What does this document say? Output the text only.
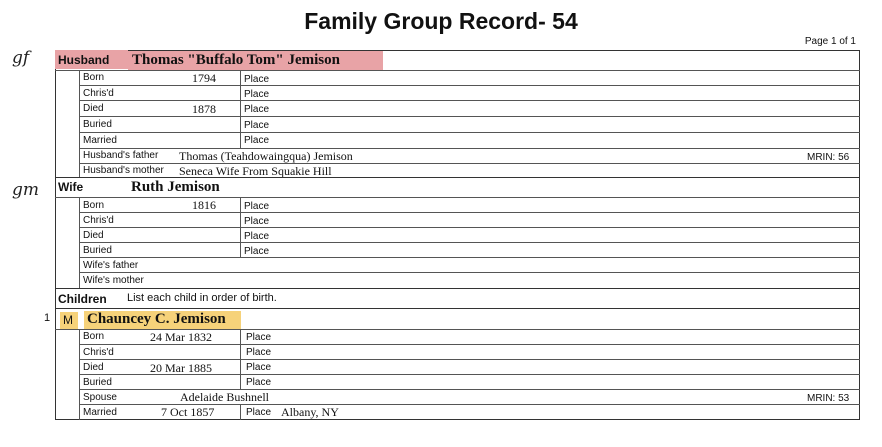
Family Group Record- 54
Page 1 of 1
gf
gm
Husband Thomas "Buffalo Tom" Jemison
Born	1794	Place
Chris'd	Place
Died	1878	Place
Buried	Place
Married	Place
Husband's father Thomas (Teahdowaingqua) Jemison	MRIN: 56
Husband's mother Seneca Wife From Squakie Hill
Wife	Ruth Jemison
Born	1816	Place
Chris'd	Place
Died	Place
Buried	Place
Wife's father
Wife's mother
Children List each child in order of birth.
1 M Chauncey C. Jemison
Born	24 Mar 1832	Place
Chris'd	Place
Died	20 Mar 1885	Place
Buried	Place
Spouse	Adelaide Bushnell	MRIN: 53
Married	7 Oct 1857	Place Albany, NY
